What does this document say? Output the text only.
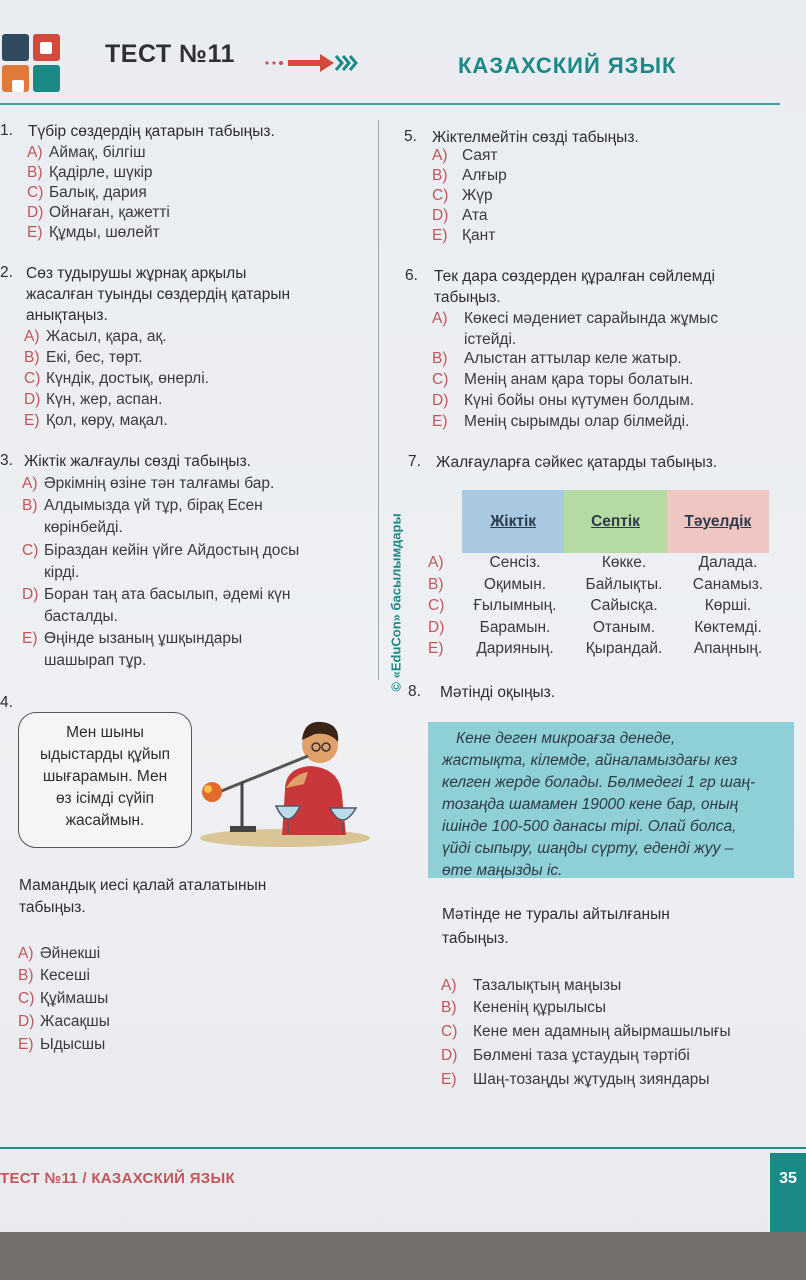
ТЕСТ №11	КАЗАХСКИЙ ЯЗЫК
1. Түбір сөздердің қатарын табыңыз.
A) Аймақ, білгіш
B) Қадірле, шүкір
C) Балық, дария
D) Ойнаған, қажетті
E) Құмды, шөлейт
2. Сөз тудырушы жұрнақ арқылы
жасалған туынды сөздердің қатарын
анықтаңыз.
A) Жасыл, қара, ақ.
B) Екі, бес, төрт.
C) Күндік, достық, өнерлі.
D) Күн, жер, аспан.
E) Қол, көру, мақал.
3. Жіктік жалғаулы сөзді табыңыз.
A) Әркімнің өзіне тән талғамы бар.
B) Алдымызда үй тұр, бірақ Есен
көрінбейді.
C) Біраздан кейін үйге Айдостың досы
кірді.
D) Боран таң ата басылып, әдемі күн
басталды.
E) Өңінде ызаның ұшқындары
шашырап тұр.
4.
Мен шыны
ыдыстарды құйып
шығарамын. Мен
өз ісімді сүйіп
жасаймын.
Мамандық иесі қалай аталатынын
табыңыз.
A) Әйнекші
B) Кесеші
C) Құймашы
D) Жасақшы
E) Ыдысшы
5. Жіктелмейтін сөзді табыңыз.
A) Саят
B) Алғыр
C) Жүр
D) Ата
E) Қант
6. Тек дара сөздерден құралған сөйлемді
табыңыз.
A) Көкесі мәдениет сарайында жұмыс
істейді.
B) Алыстан аттылар келе жатыр.
C) Менің анам қара торы болатын.
D) Күні бойы оны күтумен болдым.
E) Менің сырымды олар білмейді.
7. Жалғауларға сәйкес қатарды табыңыз.
Жіктік	Септік	Тәуелдік
A)	Сенсіз.	Көкке.	Далада.
B)	Оқимын.	Байлықты.	Санамыз.
C)	Ғылымның.	Сайысқа.	Көрші.
D)	Барамын.	Отаным.	Көктемді.
E)	Дарияның.	Қырандай.	Апаңның.
© «EduCon» басылымдары 8. Мәтінді оқыңыз.
Кене деген микроағза денеде,
жастықта, кілемде, айналамыздағы кез
келген жерде болады. Бөлмедегі 1 гр шаң-
тозаңда шамамен 19000 кене бар, оның
ішінде 100-500 данасы тірі. Олай болса,
үйді сыпыру, шаңды сүрту, еденді жуу –
өте маңызды іс.
Мәтінде не туралы айтылғанын
табыңыз.
A) Тазалықтың маңызы
B) Кененің құрылысы
C) Кене мен адамның айырмашылығы
D) Бөлмені таза ұстаудың тәртібі
E) Шаң-тозаңды жұтудың зияндары
ТЕСТ №11 / КАЗАХСКИЙ ЯЗЫК	35
